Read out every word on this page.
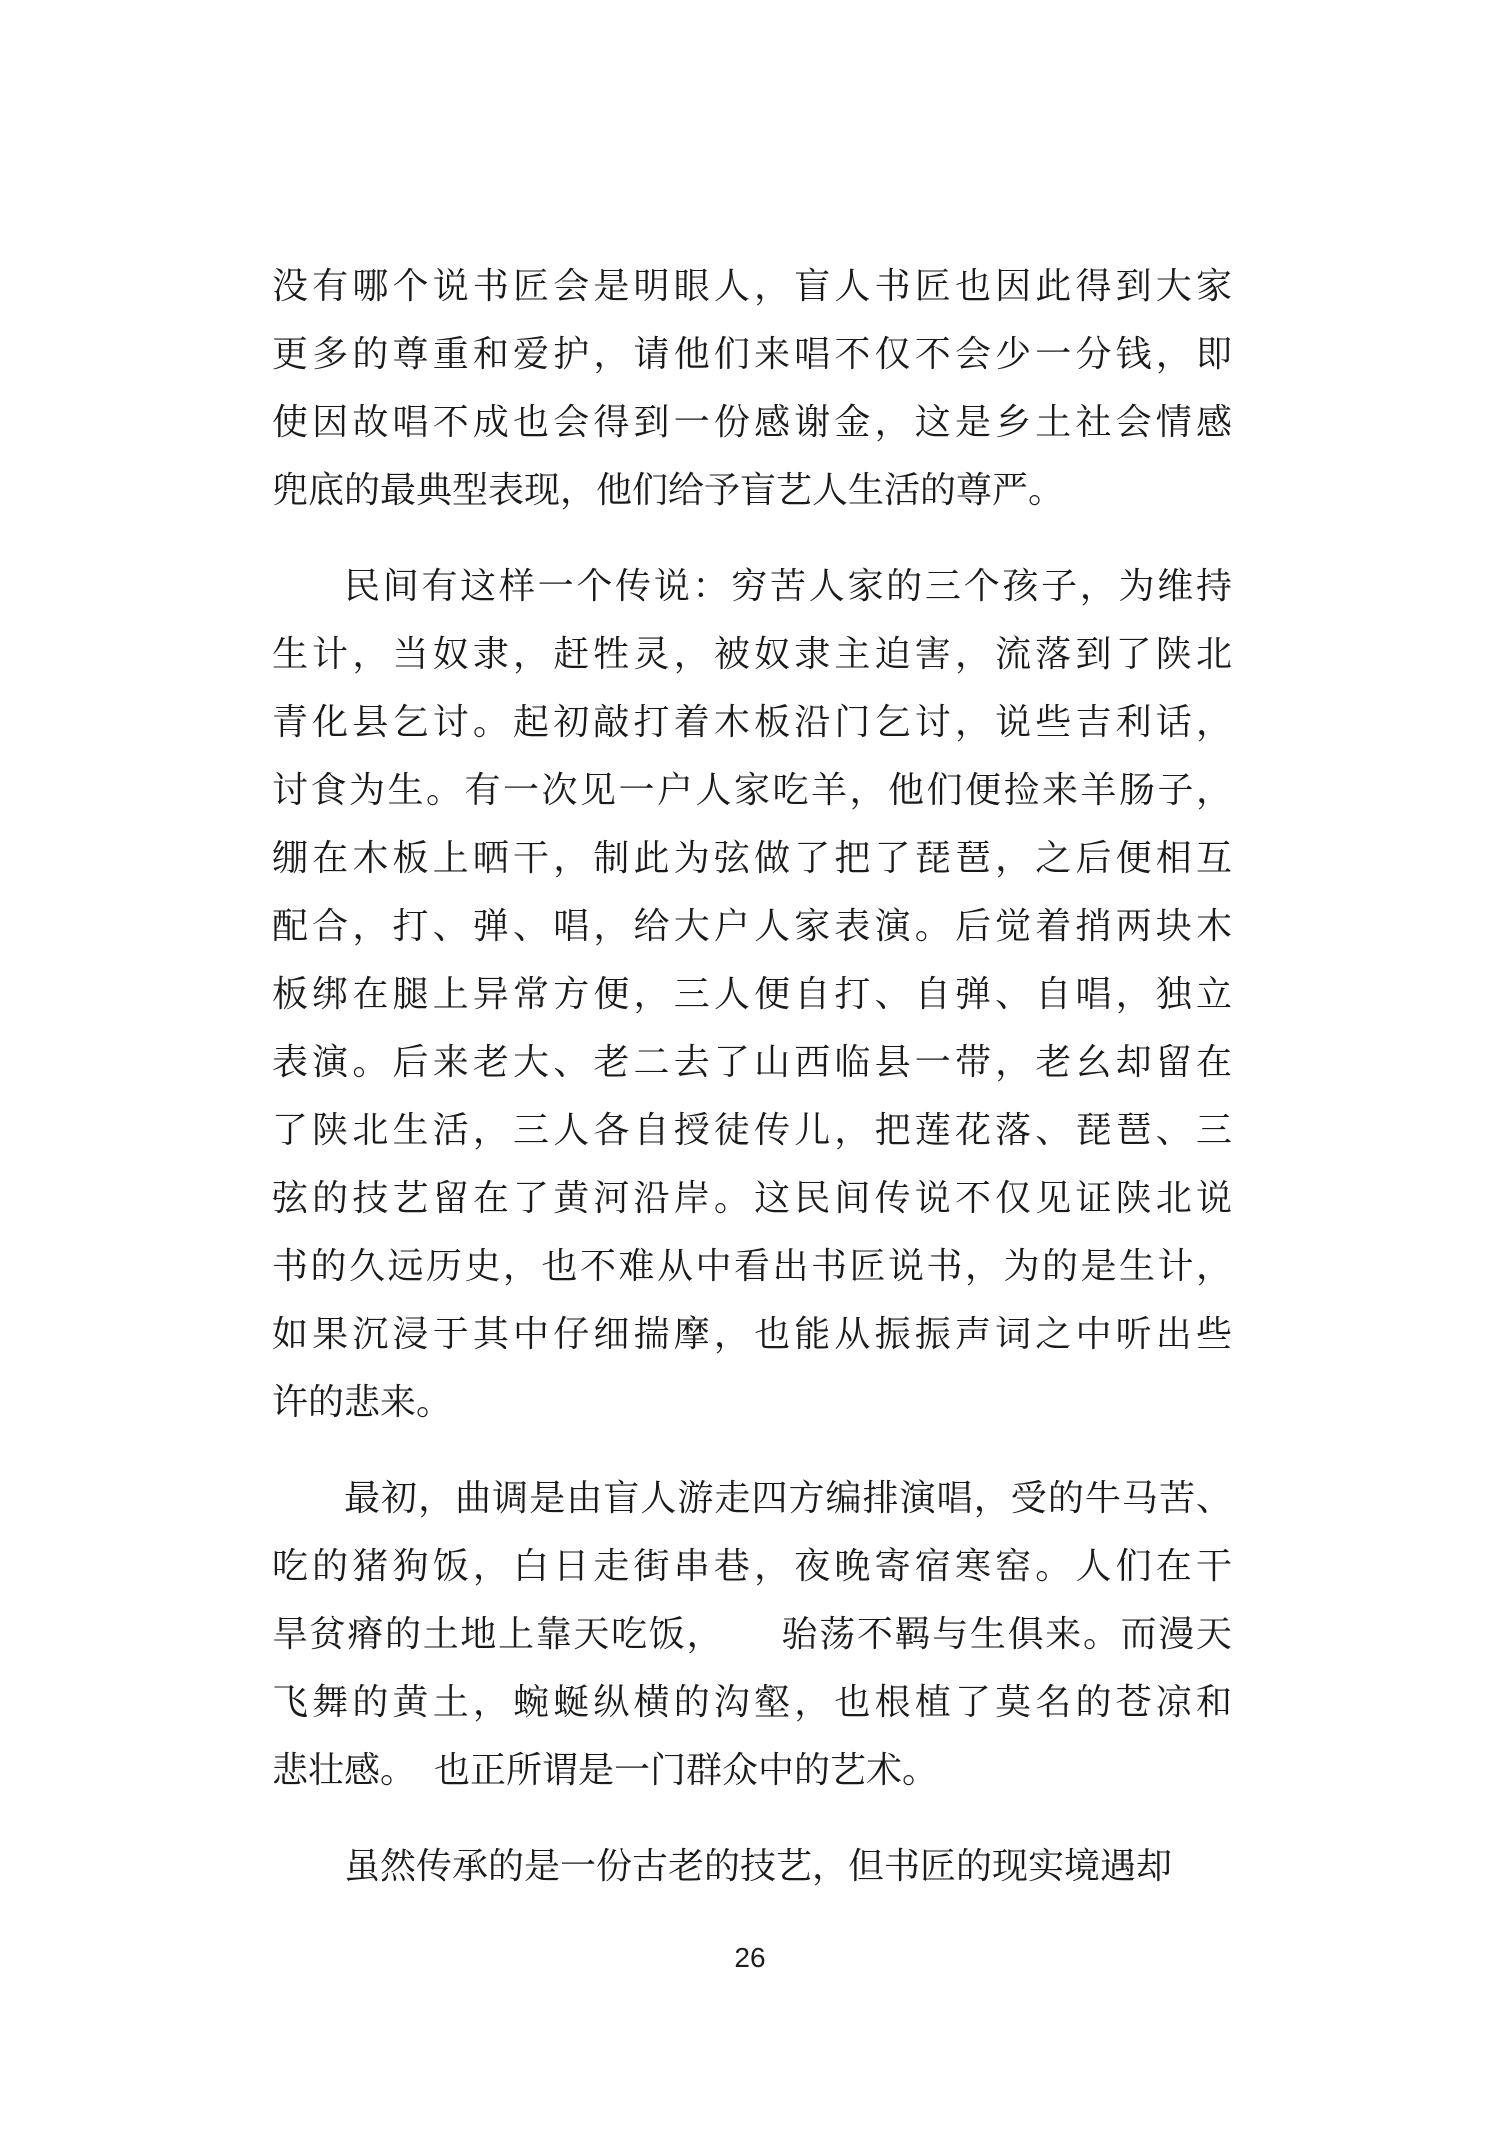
没有哪个说书匠会是明眼人，盲人书匠也因此得到大家
更多的尊重和爱护，请他们来唱不仅不会少一分钱，即
使因故唱不成也会得到一份感谢金，这是乡土社会情感
兜底的最典型表现，他们给予盲艺人生活的尊严。
民间有这样一个传说：穷苦人家的三个孩子，为维持
生计，当奴隶，赶牲灵，被奴隶主迫害，流落到了陕北
青化县乞讨。起初敲打着木板沿门乞讨，说些吉利话，
讨食为生。有一次见一户人家吃羊，他们便捡来羊肠子，
绷在木板上晒干，制此为弦做了把了琵琶，之后便相互
配合，打、弹、唱，给大户人家表演。后觉着捎两块木
板绑在腿上异常方便，三人便自打、自弹、自唱，独立
表演。后来老大、老二去了山西临县一带，老幺却留在
了陕北生活，三人各自授徒传儿，把莲花落、琵琶、三
弦的技艺留在了黄河沿岸。这民间传说不仅见证陕北说
书的久远历史，也不难从中看出书匠说书，为的是生计，
如果沉浸于其中仔细揣摩，也能从振振声词之中听出些
许的悲来。
最初，曲调是由盲人游走四方编排演唱，受的牛马苦、
吃的猪狗饭，白日走街串巷，夜晚寄宿寒窑。人们在干
旱贫瘠的土地上靠天吃饭，　　骀荡不羁与生俱来。而漫天
飞舞的黄土，蜿蜒纵横的沟壑，也根植了莫名的苍凉和
悲壮感。　也正所谓是一门群众中的艺术。
虽然传承的是一份古老的技艺，但书匠的现实境遇却
26
